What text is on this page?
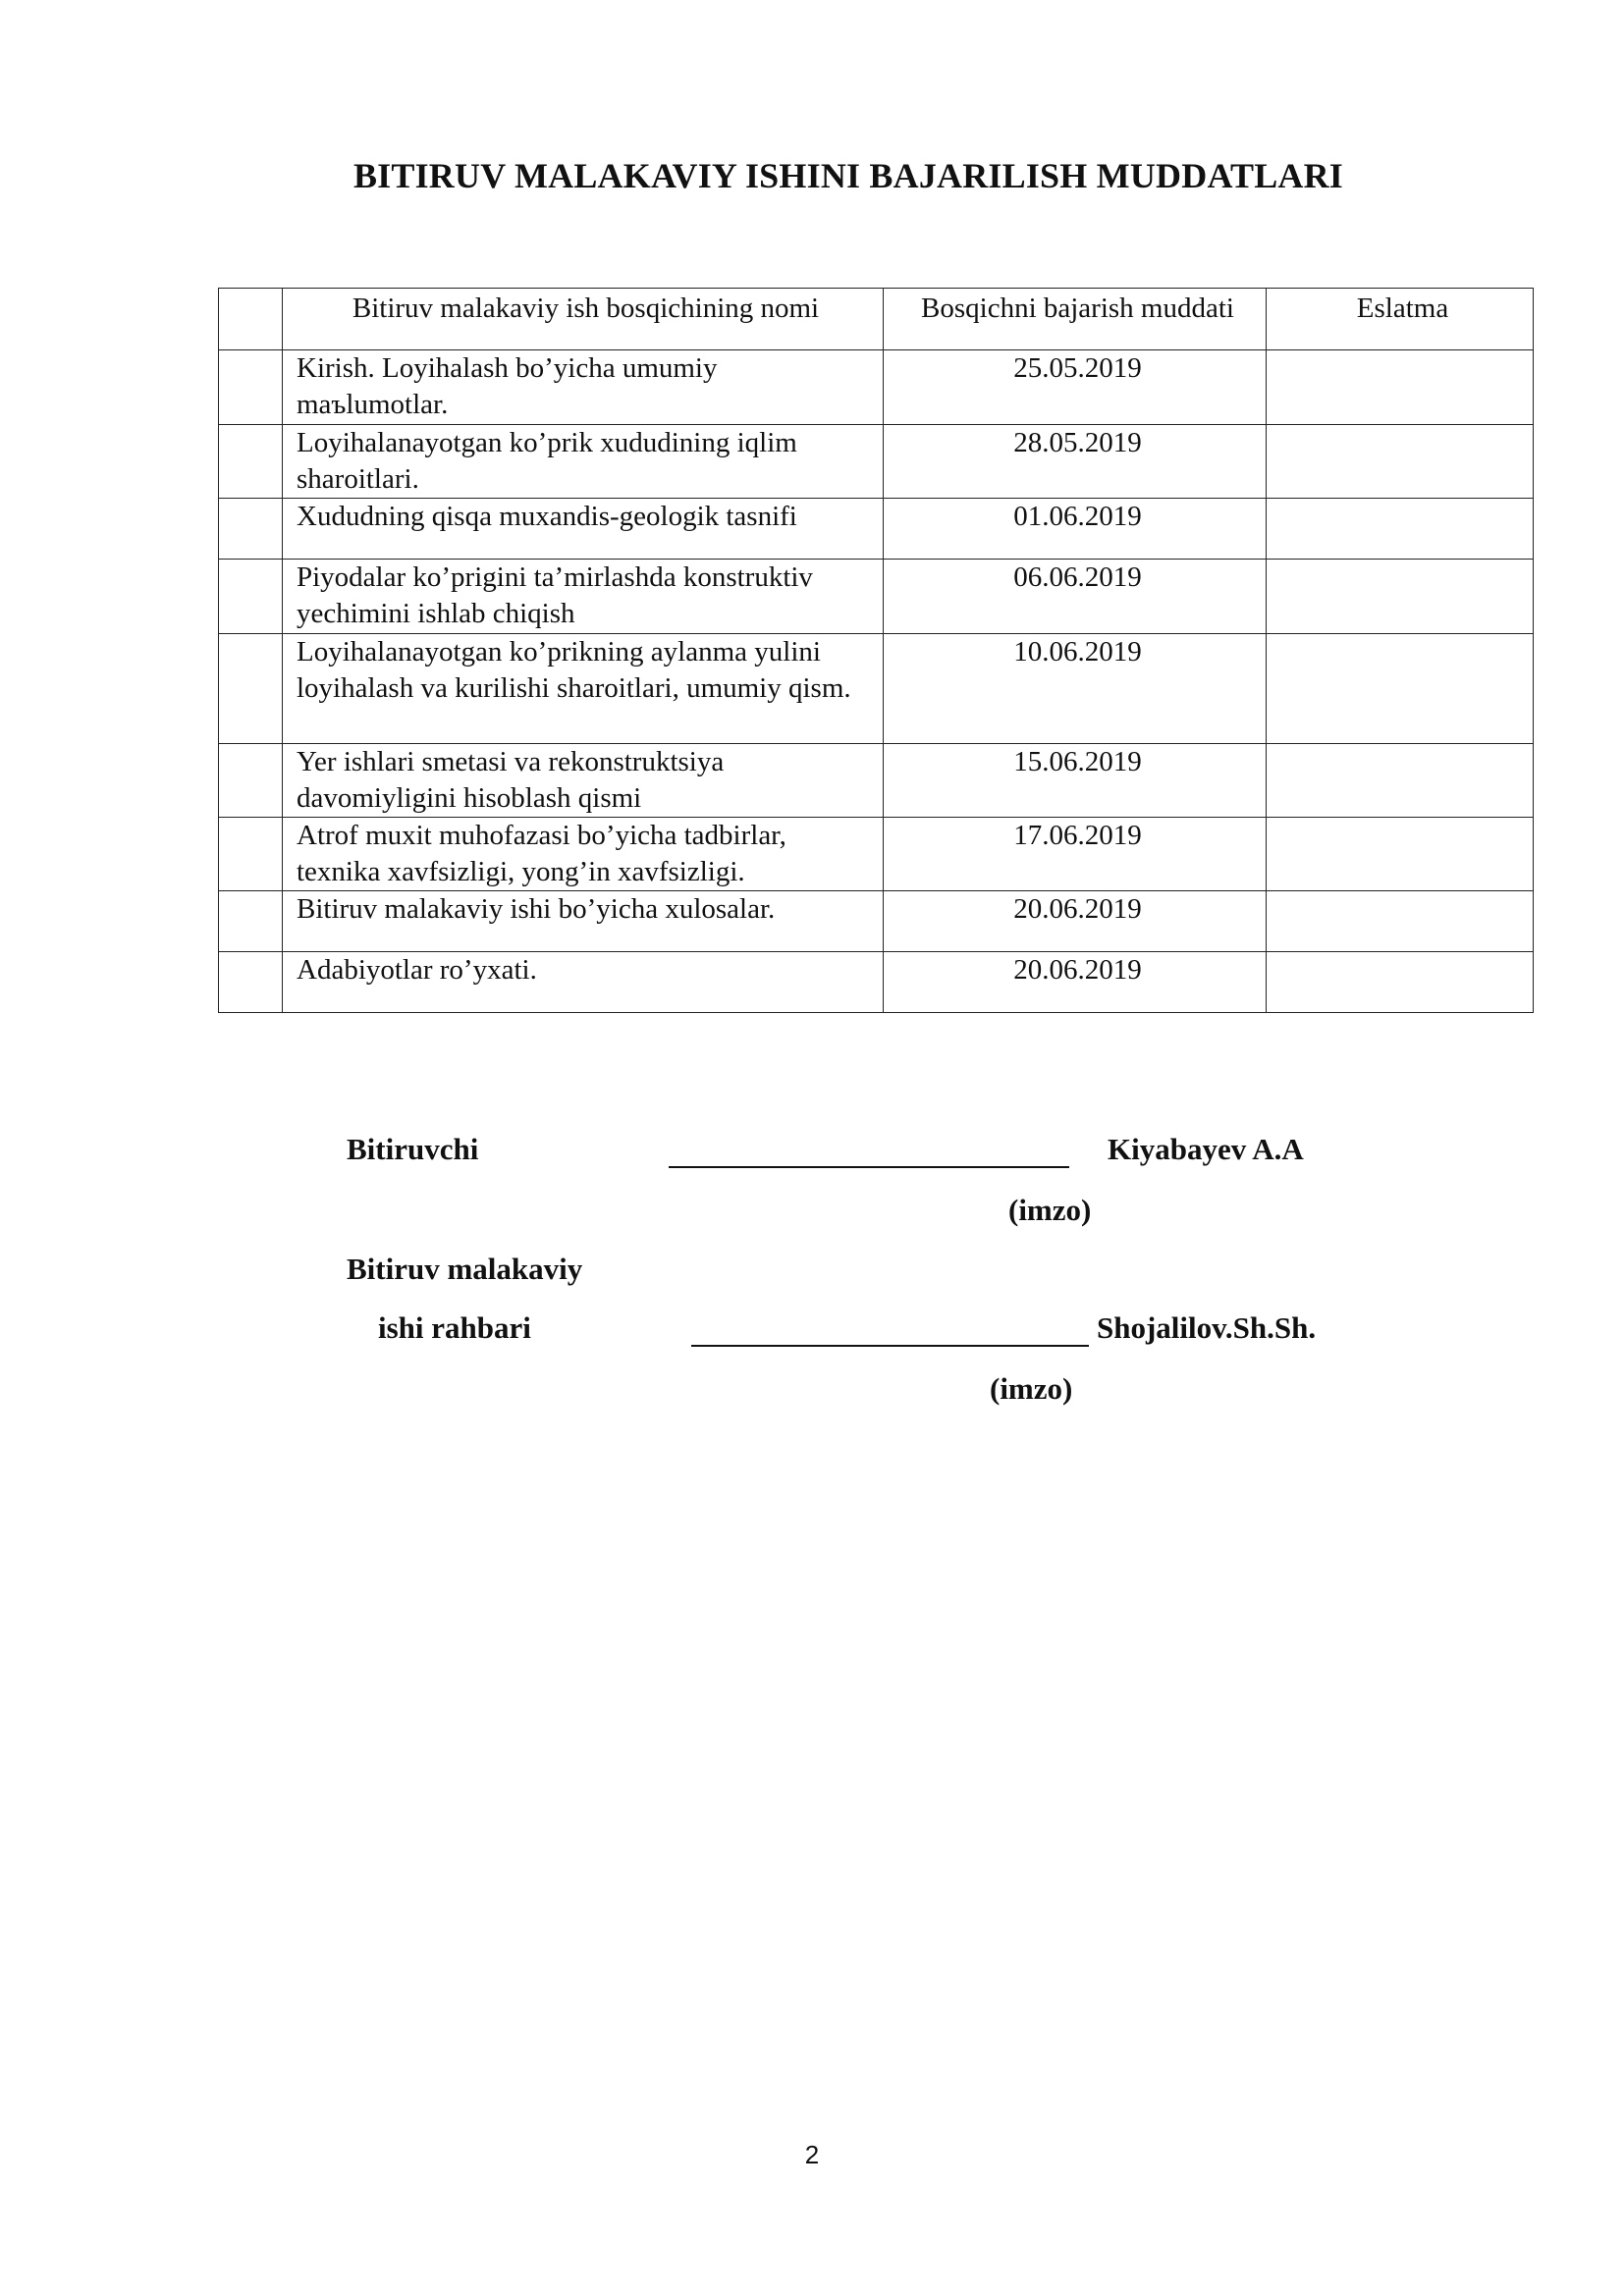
BITIRUV MALAKAVIY ISHINI BAJARILISH MUDDATLARI
	Bitiruv malakaviy ish bosqichining nomi	Bosqichni bajarish muddati	Eslatma
	Kirish. Loyihalash bo’yicha umumiy maъlumotlar.	25.05.2019	
	Loyihalanayotgan ko’prik xududining iqlim sharoitlari.	28.05.2019	
	Xududning qisqa muxandis-geologik tasnifi	01.06.2019	
	Piyodalar ko’prigini ta’mirlashda konstruktiv yechimini ishlab chiqish	06.06.2019	
	Loyihalanayotgan ko’prikning aylanma yulini loyihalash va kurilishi sharoitlari, umumiy qism.	10.06.2019	
	Yer ishlari smetasi va rekonstruktsiya davomiyligini hisoblash qismi	15.06.2019	
	Atrof muxit muhofazasi bo’yicha tadbirlar, texnika xavfsizligi, yong’in xavfsizligi.	17.06.2019	
	Bitiruv malakaviy ishi bo’yicha xulosalar.	20.06.2019	
	Adabiyotlar ro’yxati.	20.06.2019	
Bitiruvchi	Kiyabayev A.A
(imzo)
Bitiruv malakaviy
ishi rahbari	Shojalilov.Sh.Sh.
(imzo)
2
